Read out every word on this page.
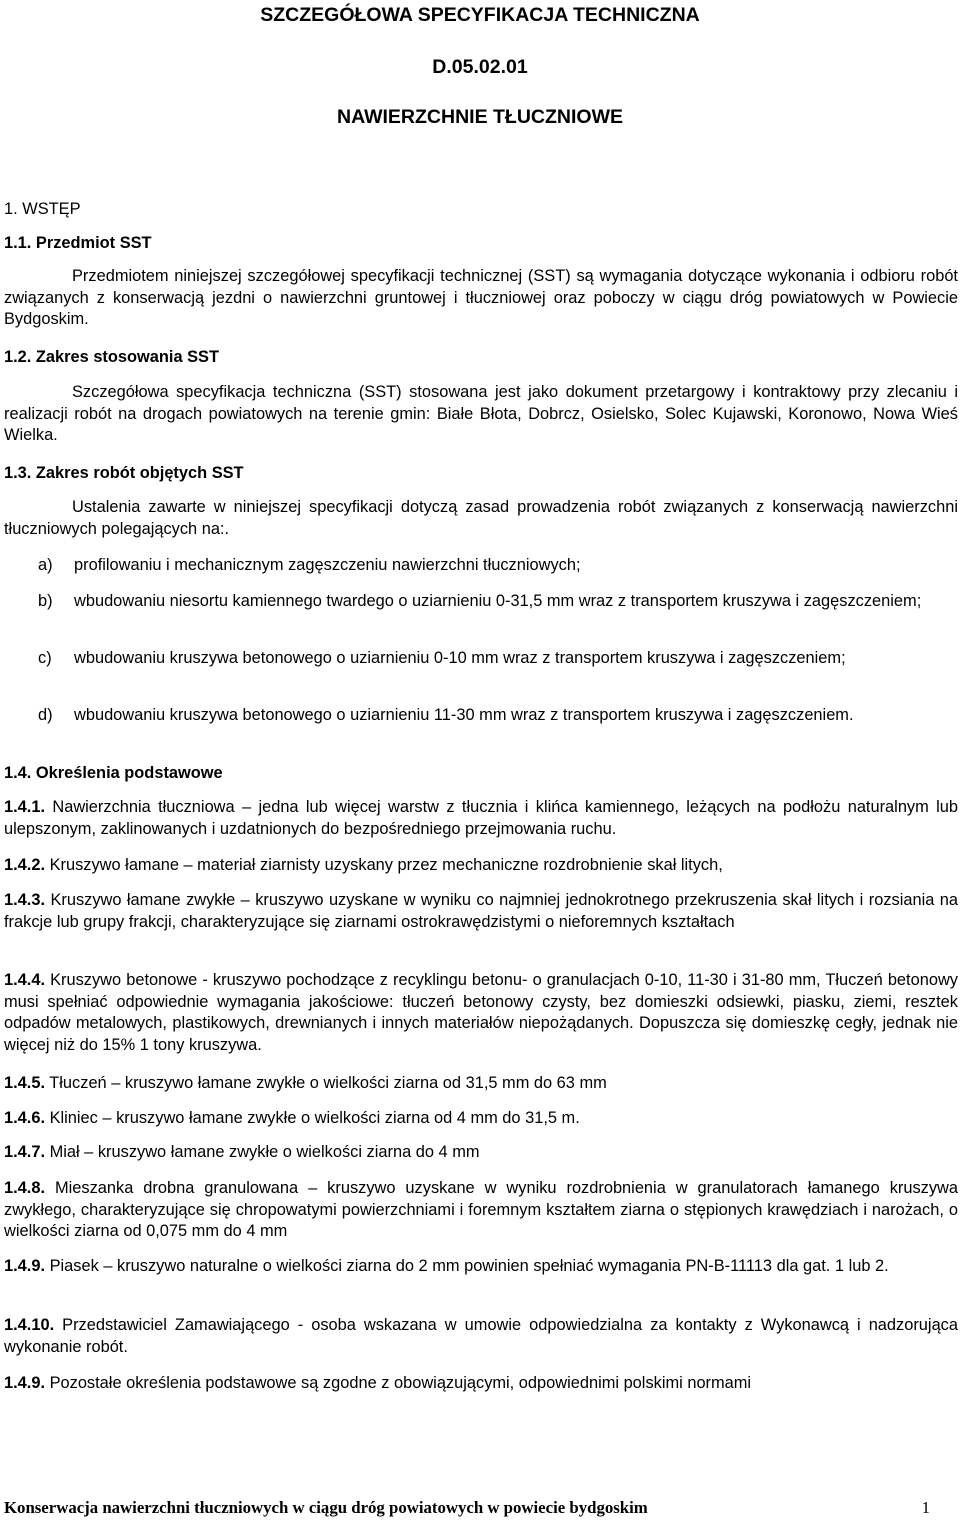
SZCZEGÓŁOWA SPECYFIKACJA TECHNICZNA
D.05.02.01
NAWIERZCHNIE TŁUCZNIOWE
1. WSTĘP
1.1. Przedmiot SST
Przedmiotem niniejszej szczegółowej specyfikacji technicznej (SST) są wymagania dotyczące wykonania i odbioru robót związanych z konserwacją jezdni o nawierzchni gruntowej i tłuczniowej oraz poboczy w ciągu dróg powiatowych w Powiecie Bydgoskim.
1.2. Zakres stosowania SST
Szczegółowa specyfikacja techniczna (SST) stosowana jest jako dokument przetargowy i kontraktowy przy zlecaniu i realizacji robót na drogach powiatowych na terenie gmin: Białe Błota, Dobrcz, Osielsko, Solec Kujawski, Koronowo, Nowa Wieś Wielka.
1.3. Zakres robót objętych SST
Ustalenia zawarte w niniejszej specyfikacji dotyczą zasad prowadzenia robót związanych z konserwacją nawierzchni tłuczniowych polegających na:.
a)	profilowaniu i mechanicznym zagęszczeniu nawierzchni tłuczniowych;
b)	wbudowaniu niesortu kamiennego twardego o uziarnieniu 0-31,5 mm wraz z transportem kruszywa i zagęszczeniem;
c)	wbudowaniu kruszywa betonowego o uziarnieniu 0-10 mm wraz z transportem kruszywa i zagęszczeniem;
d)	wbudowaniu kruszywa betonowego o uziarnieniu 11-30 mm wraz z transportem kruszywa i zagęszczeniem.
1.4. Określenia podstawowe
1.4.1. Nawierzchnia tłuczniowa – jedna lub więcej warstw z tłucznia i klińca kamiennego, leżących na podłożu naturalnym lub ulepszonym, zaklinowanych i uzdatnionych do bezpośredniego przejmowania ruchu.
1.4.2. Kruszywo łamane – materiał ziarnisty uzyskany przez mechaniczne rozdrobnienie skał litych,
1.4.3. Kruszywo łamane zwykłe – kruszywo uzyskane w wyniku co najmniej jednokrotnego przekruszenia skał litych i rozsiania na frakcje lub grupy frakcji, charakteryzujące się ziarnami ostrokrawędzistymi o nieforemnych kształtach
1.4.4. Kruszywo betonowe - kruszywo pochodzące z recyklingu betonu- o granulacjach 0-10, 11-30 i 31-80 mm, Tłuczeń betonowy musi spełniać odpowiednie wymagania jakościowe: tłuczeń betonowy czysty, bez domieszki odsiewki, piasku, ziemi, resztek odpadów metalowych, plastikowych, drewnianych i innych materiałów niepożądanych. Dopuszcza się domieszkę cegły, jednak nie więcej niż do 15% 1 tony kruszywa.
1.4.5. Tłuczeń – kruszywo łamane zwykłe o wielkości ziarna od 31,5 mm do 63 mm
1.4.6. Kliniec – kruszywo łamane zwykłe o wielkości ziarna od 4 mm do 31,5 m.
1.4.7. Miał – kruszywo łamane zwykłe o wielkości ziarna do 4 mm
1.4.8. Mieszanka drobna granulowana – kruszywo uzyskane w wyniku rozdrobnienia w granulatorach łamanego kruszywa zwykłego, charakteryzujące się chropowatymi powierzchniami i foremnym kształtem ziarna o stępionych krawędziach i narożach, o wielkości ziarna od 0,075 mm do 4 mm
1.4.9. Piasek – kruszywo naturalne o wielkości ziarna do 2 mm powinien spełniać wymagania PN-B-11113 dla gat. 1 lub 2.
1.4.10. Przedstawiciel Zamawiającego - osoba wskazana w umowie odpowiedzialna za kontakty z Wykonawcą i nadzorująca wykonanie robót.
1.4.9. Pozostałe określenia podstawowe są zgodne z obowiązującymi, odpowiednimi polskimi normami
Konserwacja nawierzchni tłuczniowych w ciągu dróg powiatowych w powiecie bydgoskim	1
